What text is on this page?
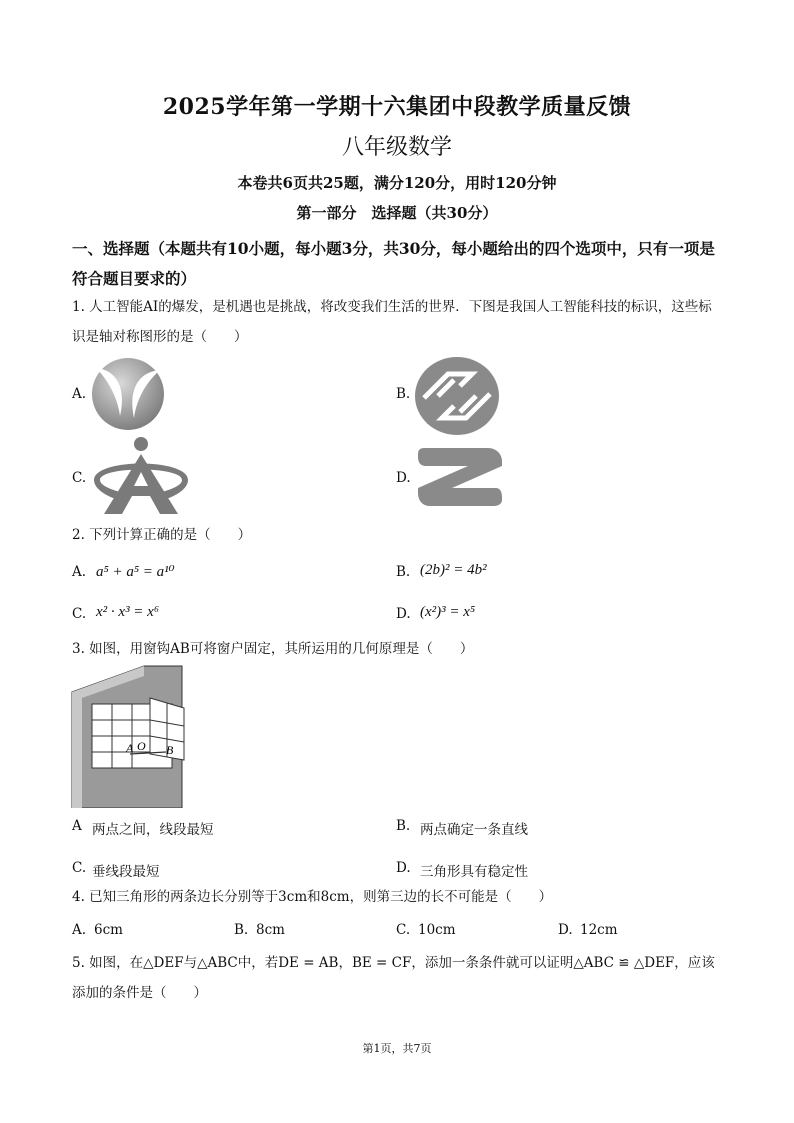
2025学年第一学期十六集团中段教学质量反馈
八年级数学
本卷共6页共25题，满分120分，用时120分钟
第一部分　选择题（共30分）
一、选择题（本题共有10小题，每小题3分，共30分，每小题给出的四个选项中，只有一项是符合题目要求的）
1. 人工智能AI的爆发，是机遇也是挑战，将改变我们生活的世界．下图是我国人工智能科技的标识，这些标识是轴对称图形的是（　　）
A.	B.
C.	D.
2. 下列计算正确的是（　　）
A. a⁵ + a⁵ = a¹⁰	B. (2b)² = 4b²
C. x² · x³ = x⁶	D. (x²)³ = x⁵
3. 如图，用窗钩AB可将窗户固定，其所运用的几何原理是（　　）
A O B
A 两点之间，线段最短	B. 两点确定一条直线
C. 垂线段最短	D. 三角形具有稳定性
4. 已知三角形的两条边长分别等于3cm和8cm，则第三边的长不可能是（　　）
A. 6cm	B. 8cm	C. 10cm	D. 12cm
5. 如图，在△DEF与△ABC中，若DE = AB，BE = CF，添加一条条件就可以证明△ABC ≌ △DEF，应该添加的条件是（　　）
第1页，共7页
